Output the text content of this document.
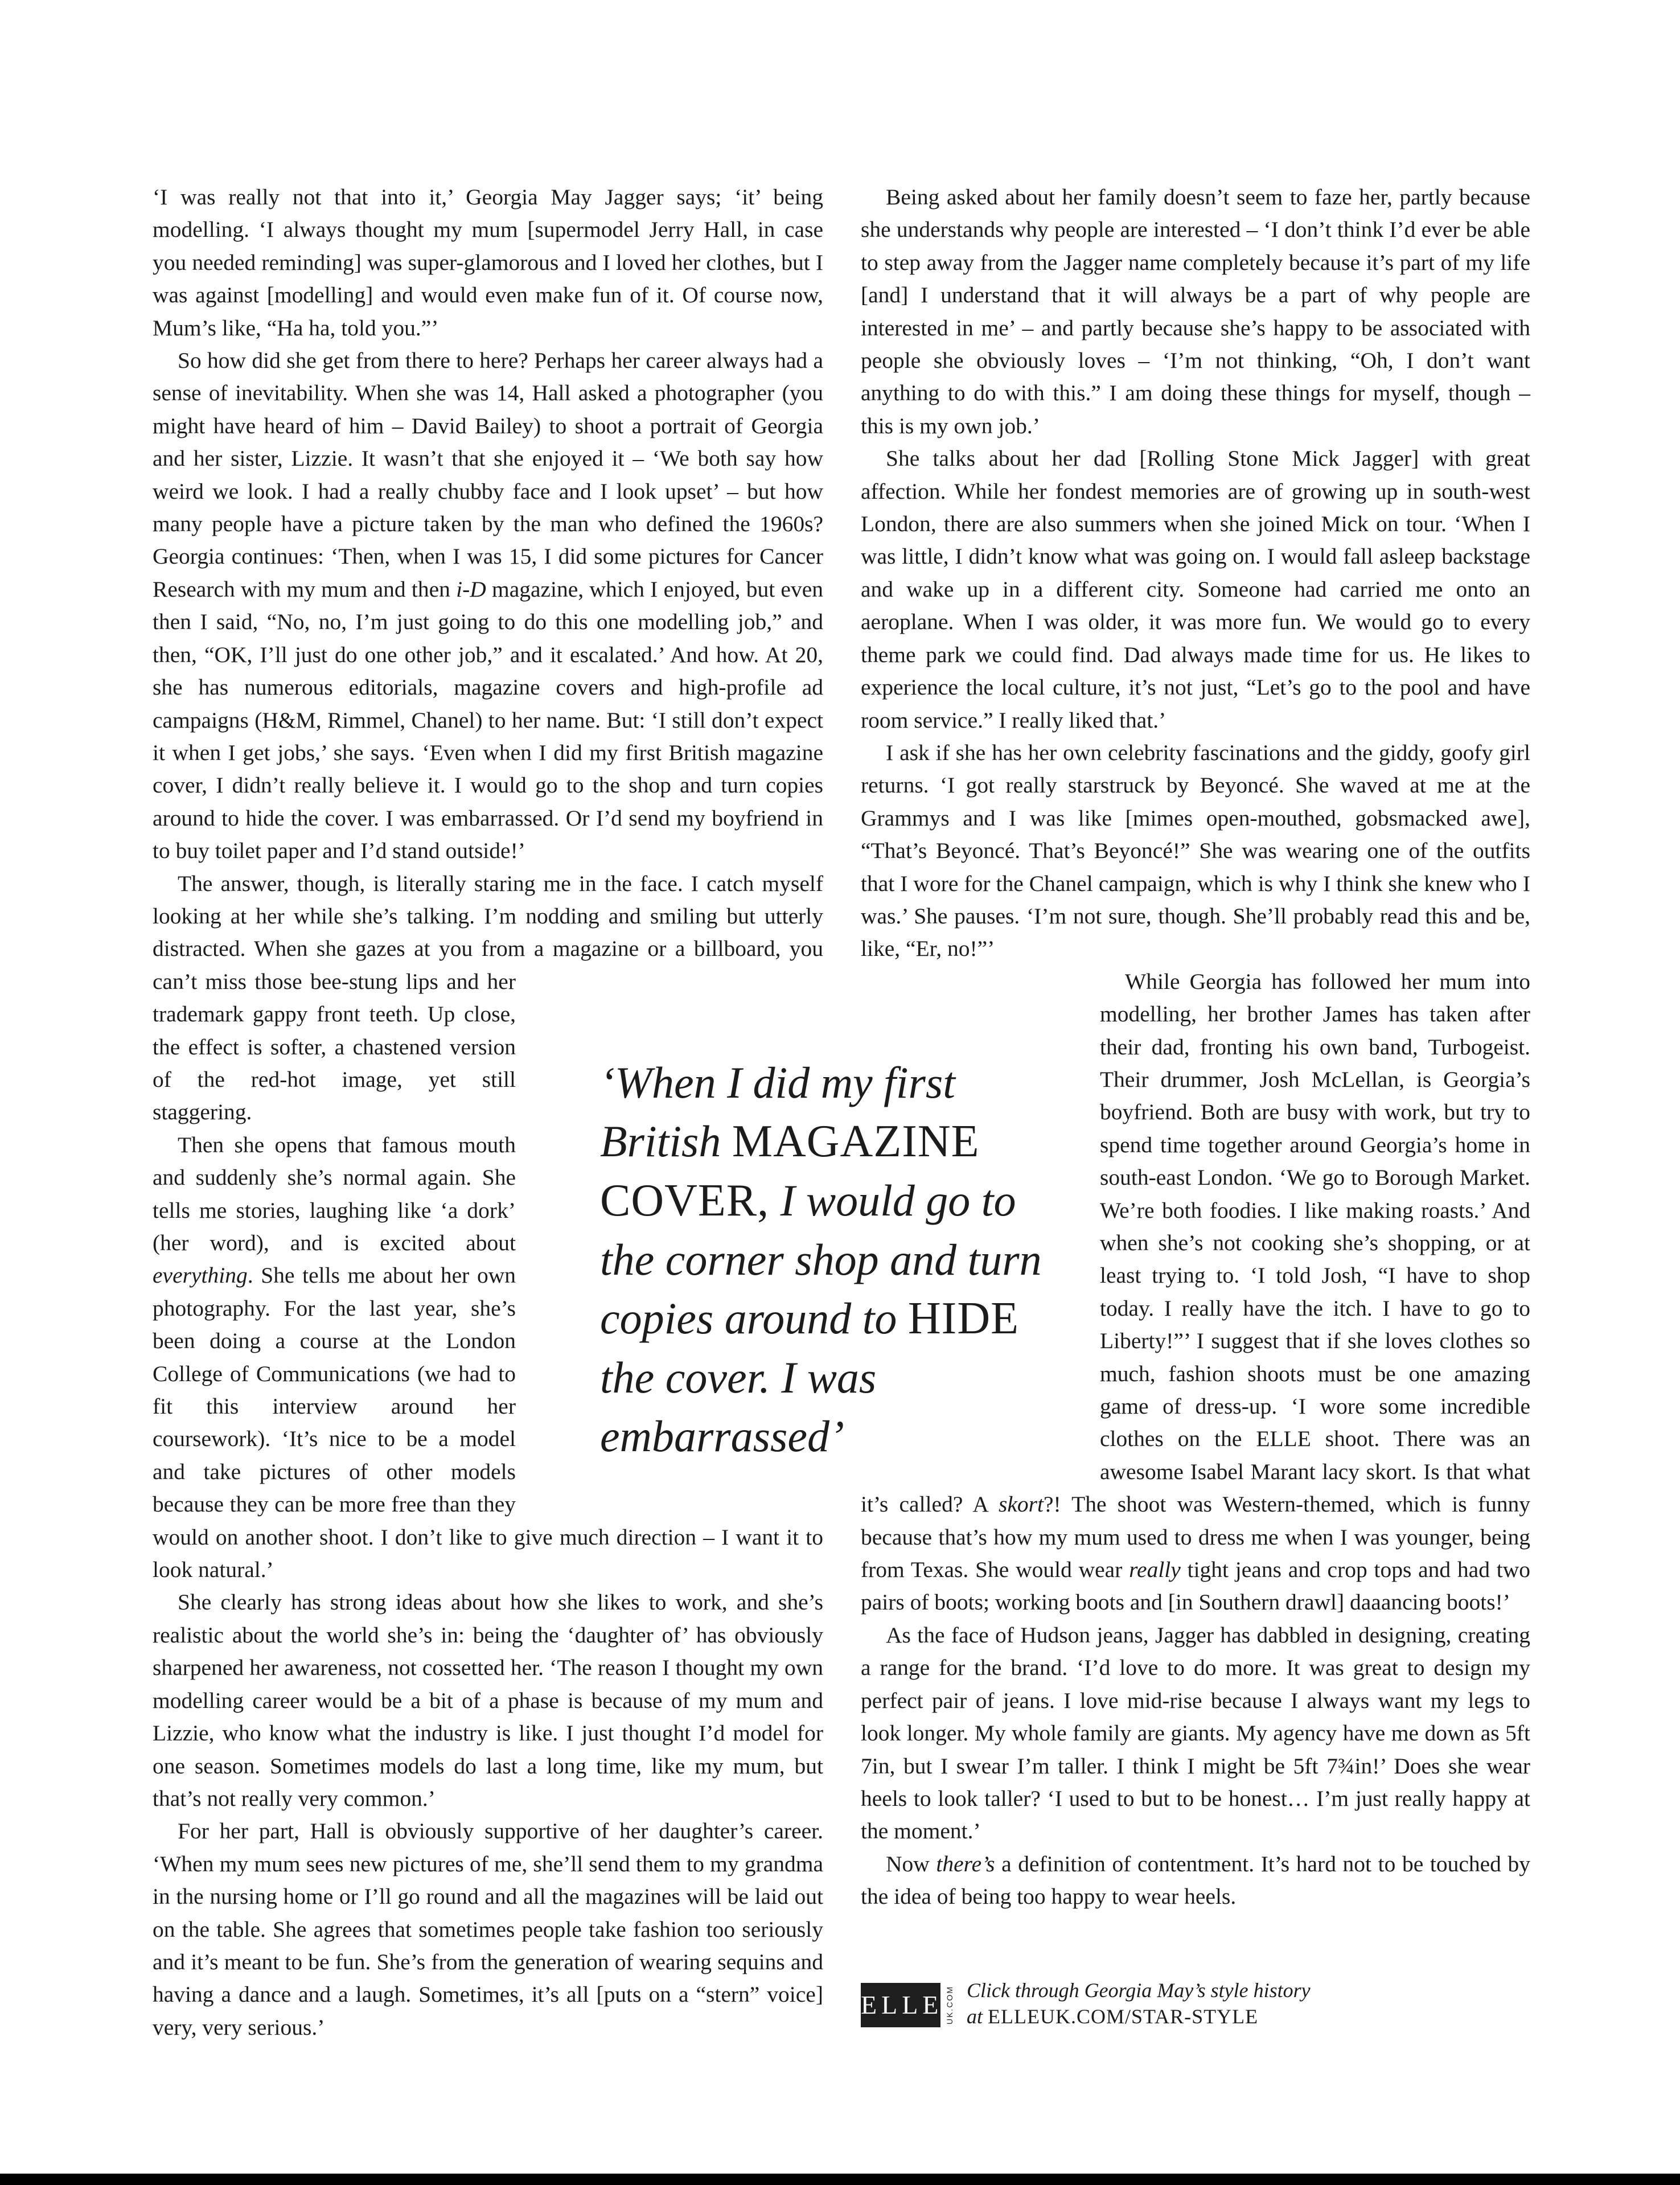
‘I was really not that into it,’ Georgia May Jagger says; ‘it’ being modelling. ‘I always thought my mum [supermodel Jerry Hall, in case you needed reminding] was super-glamorous and I loved her clothes, but I was against [modelling] and would even make fun of it. Of course now, Mum’s like, “Ha ha, told you.”’

So how did she get from there to here? Perhaps her career always had a sense of inevitability. When she was 14, Hall asked a photographer (you might have heard of him – David Bailey) to shoot a portrait of Georgia and her sister, Lizzie. It wasn’t that she enjoyed it – ‘We both say how weird we look. I had a really chubby face and I look upset’ – but how many people have a picture taken by the man who defined the 1960s? Georgia continues: ‘Then, when I was 15, I did some pictures for Cancer Research with my mum and then i-D magazine, which I enjoyed, but even then I said, “No, no, I’m just going to do this one modelling job,” and then, “OK, I’ll just do one other job,” and it escalated.’ And how. At 20, she has numerous editorials, magazine covers and high-profile ad campaigns (H&M, Rimmel, Chanel) to her name. But: ‘I still don’t expect it when I get jobs,’ she says. ‘Even when I did my first British magazine cover, I didn’t really believe it. I would go to the shop and turn copies around to hide the cover. I was embarrassed. Or I’d send my boyfriend in to buy toilet paper and I’d stand outside!’

The answer, though, is literally staring me in the face. I catch myself looking at her while she’s talking. I’m nodding and smiling but utterly distracted. When she gazes at you from a magazine or a billboard, you can’t miss those bee-stung lips and her trademark gappy front teeth. Up close, the effect is softer, a chastened version of the red-hot image, yet still staggering.

Then she opens that famous mouth and suddenly she’s normal again. She tells me stories, laughing like ‘a dork’ (her word), and is excited about everything. She tells me about her own photography. For the last year, she’s been doing a course at the London College of Communications (we had to fit this interview around her coursework). ‘It’s nice to be a model and take pictures of other models because they can be more free than they would on another shoot. I don’t like to give much direction – I want it to look natural.’

She clearly has strong ideas about how she likes to work, and she’s realistic about the world she’s in: being the ‘daughter of’ has obviously sharpened her awareness, not cossetted her. ‘The reason I thought my own modelling career would be a bit of a phase is because of my mum and Lizzie, who know what the industry is like. I just thought I’d model for one season. Sometimes models do last a long time, like my mum, but that’s not really very common.’

For her part, Hall is obviously supportive of her daughter’s career. ‘When my mum sees new pictures of me, she’ll send them to my grandma in the nursing home or I’ll go round and all the magazines will be laid out on the table. She agrees that sometimes people take fashion too seriously and it’s meant to be fun. She’s from the generation of wearing sequins and having a dance and a laugh. Sometimes, it’s all [puts on a “stern” voice] very, very serious.’

Being asked about her family doesn’t seem to faze her, partly because she understands why people are interested – ‘I don’t think I’d ever be able to step away from the Jagger name completely because it’s part of my life [and] I understand that it will always be a part of why people are interested in me’ – and partly because she’s happy to be associated with people she obviously loves – ‘I’m not thinking, “Oh, I don’t want anything to do with this.” I am doing these things for myself, though – this is my own job.’

She talks about her dad [Rolling Stone Mick Jagger] with great affection. While her fondest memories are of growing up in south-west London, there are also summers when she joined Mick on tour. ‘When I was little, I didn’t know what was going on. I would fall asleep backstage and wake up in a different city. Someone had carried me onto an aeroplane. When I was older, it was more fun. We would go to every theme park we could find. Dad always made time for us. He likes to experience the local culture, it’s not just, “Let’s go to the pool and have room service.” I really liked that.’

I ask if she has her own celebrity fascinations and the giddy, goofy girl returns. ‘I got really starstruck by Beyoncé. She waved at me at the Grammys and I was like [mimes open-mouthed, gobsmacked awe], “That’s Beyoncé. That’s Beyoncé!” She was wearing one of the outfits that I wore for the Chanel campaign, which is why I think she knew who I was.’ She pauses. ‘I’m not sure, though. She’ll probably read this and be, like, “Er, no!”’

While Georgia has followed her mum into modelling, her brother James has taken after their dad, fronting his own band, Turbogeist. Their drummer, Josh McLellan, is Georgia’s boyfriend. Both are busy with work, but try to spend time together around Georgia’s home in south-east London. ‘We go to Borough Market. We’re both foodies. I like making roasts.’ And when she’s not cooking she’s shopping, or at least trying to. ‘I told Josh, “I have to shop today. I really have the itch. I have to go to Liberty!”’ I suggest that if she loves clothes so much, fashion shoots must be one amazing game of dress-up. ‘I wore some incredible clothes on the ELLE shoot. There was an awesome Isabel Marant lacy skort. Is that what it’s called? A skort?! The shoot was Western-themed, which is funny because that’s how my mum used to dress me when I was younger, being from Texas. She would wear really tight jeans and crop tops and had two pairs of boots; working boots and [in Southern drawl] daaancing boots!’

As the face of Hudson jeans, Jagger has dabbled in designing, creating a range for the brand. ‘I’d love to do more. It was great to design my perfect pair of jeans. I love mid-rise because I always want my legs to look longer. My whole family are giants. My agency have me down as 5ft 7in, but I swear I’m taller. I think I might be 5ft 7¾in!’ Does she wear heels to look taller? ‘I used to but to be honest… I’m just really happy at the moment.’

Now there’s a definition of contentment. It’s hard not to be touched by the idea of being too happy to wear heels.

‘When I did my first British MAGAZINE COVER, I would go to the corner shop and turn copies around to HIDE the cover. I was embarrassed’
ELLE UK.COM Click through Georgia May’s style history
at ELLEUK.COM/STAR-STYLE
